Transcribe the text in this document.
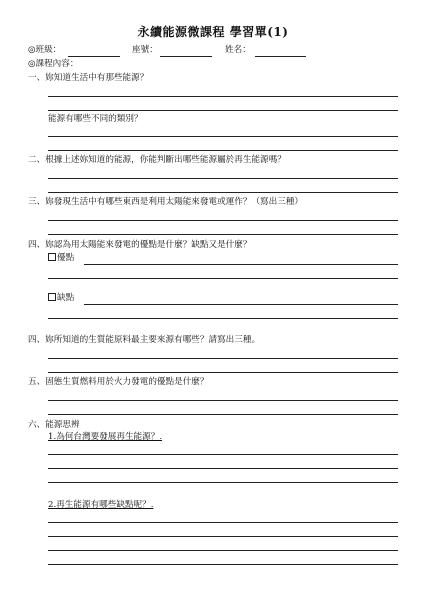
永續能源微課程 學習單(1)
◎班級：	座號：	姓名：
◎課程內容：
一、妳知道生活中有那些能源？
能源有哪些不同的類別？
二、根據上述妳知道的能源，你能判斷出哪些能源屬於再生能源嗎？
三、妳發現生活中有哪些東西是利用太陽能來發電或運作？（寫出三種）
四、妳認為用太陽能來發電的優點是什麼？缺點又是什麼？
優點
缺點
四、妳所知道的生質能原料最主要來源有哪些？請寫出三種。
五、固態生質燃料用於火力發電的優點是什麼？
六、能源思辨
1.為何台灣要發展再生能源？.
2.再生能源有哪些缺點呢？.
